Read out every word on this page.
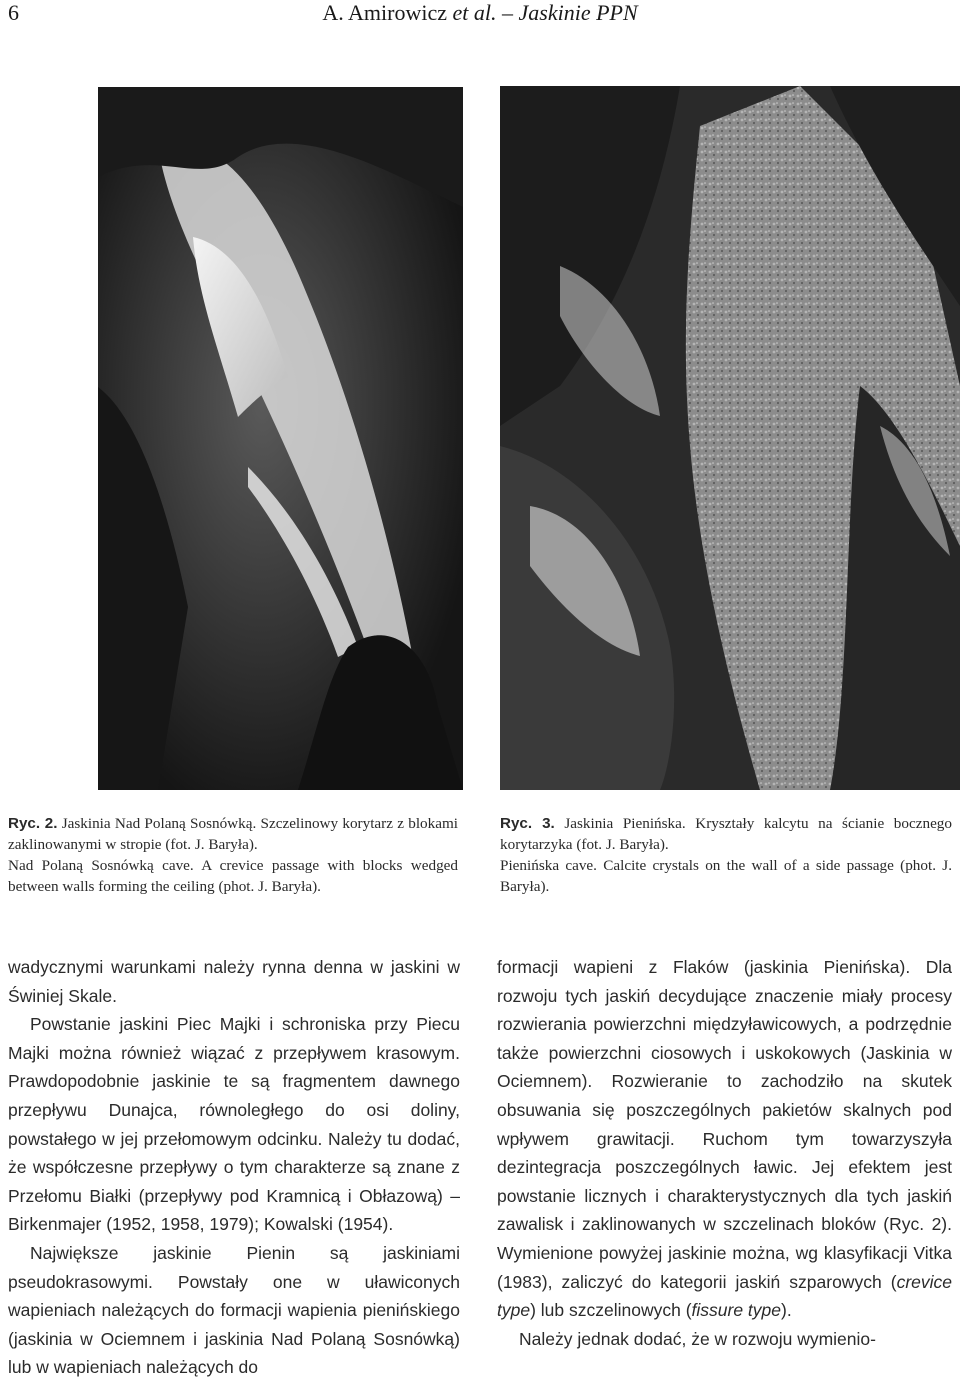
6	A. Amirowicz et al. – Jaskinie PPN

Ryc. 2. Jaskinia Nad Polaną Sosnówką. Szczelinowy korytarz z blokami zaklinowanymi w stropie (fot. J. Baryła).

Nad Polaną Sosnówką cave. A crevice passage with blocks wedged between walls forming the ceiling (phot. J. Baryła).

Ryc. 3. Jaskinia Pienińska. Kryształy kalcytu na ścianie bocznego korytarzyka (fot. J. Baryła).

Pienińska cave. Calcite crystals on the wall of a side passage (phot. J. Baryła).

wadycznymi warunkami należy rynna denna w jaskini w Świniej Skale.

Powstanie jaskini Piec Majki i schroniska przy Piecu Majki można również wiązać z przepływem krasowym. Prawdopodobnie jaskinie te są fragmentem dawnego przepływu Dunajca, równoległego do osi doliny, powstałego w jej przełomowym odcinku. Należy tu dodać, że współczesne przepływy o tym charakterze są znane z Przełomu Białki (przepływy pod Kramnicą i Obłazową) – Birkenmajer (1952, 1958, 1979); Kowalski (1954).

Największe jaskinie Pienin są jaskiniami pseudokrasowymi. Powstały one w uławiconych wapieniach należących do formacji wapienia pienińskiego (jaskinia w Ociemnem i jaskinia Nad Polaną Sosnówką) lub w wapieniach należących do

formacji wapieni z Flaków (jaskinia Pienińska). Dla rozwoju tych jaskiń decydujące znaczenie miały procesy rozwierania powierzchni międzyławicowych, a podrzędnie także powierzchni ciosowych i uskokowych (Jaskinia w Ociemnem). Rozwieranie to zachodziło na skutek obsuwania się poszczególnych pakietów skalnych pod wpływem grawitacji. Ruchom tym towarzyszyła dezintegracja poszczególnych ławic. Jej efektem jest powstanie licznych i charakterystycznych dla tych jaskiń zawalisk i zaklinowanych w szczelinach bloków (Ryc. 2). Wymienione powyżej jaskinie można, wg klasyfikacji Vitka (1983), zaliczyć do kategorii jaskiń szparowych (crevice type) lub szczelinowych (fissure type).

Należy jednak dodać, że w rozwoju wymienio-
